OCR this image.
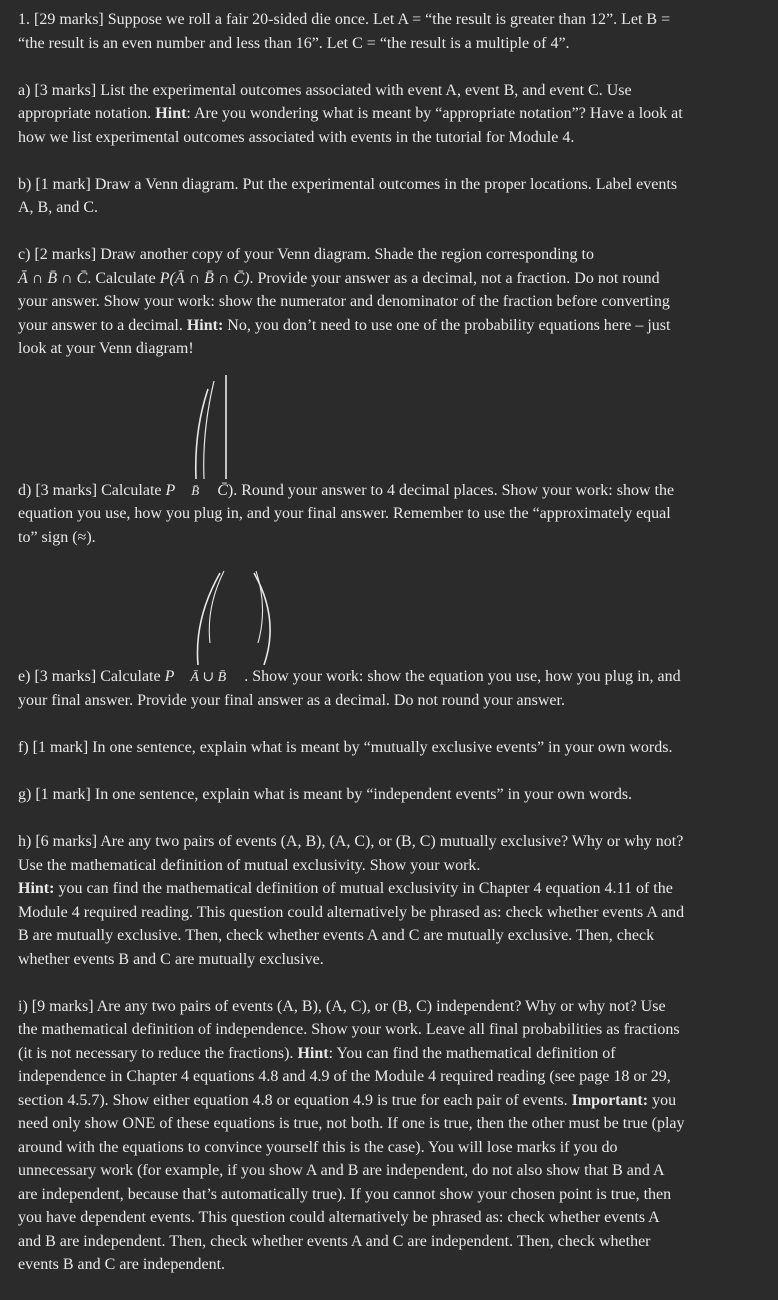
1. [29 marks] Suppose we roll a fair 20-sided die once. Let A = “the result is greater than 12”. Let B =

“the result is an even number and less than 16”. Let C = “the result is a multiple of 4”.

a) [3 marks] List the experimental outcomes associated with event A, event B, and event C. Use

appropriate notation. Hint: Are you wondering what is meant by “appropriate notation”? Have a look at

how we list experimental outcomes associated with events in the tutorial for Module 4.

b) [1 mark] Draw a Venn diagram. Put the experimental outcomes in the proper locations. Label events

A, B, and C.

c) [2 marks] Draw another copy of your Venn diagram. Shade the region corresponding to

Ā ∩ B̄ ∩ C̄. Calculate P(Ā ∩ B̄ ∩ C̄). Provide your answer as a decimal, not a fraction. Do not round

your answer. Show your work: show the numerator and denominator of the fraction before converting

your answer to a decimal. Hint: No, you don’t need to use one of the probability equations here – just

look at your Venn diagram!

d) [3 marks] Calculate P B̄ C̄). Round your answer to 4 decimal places. Show your work: show the

equation you use, how you plug in, and your final answer. Remember to use the “approximately equal

to” sign (≈).

e) [3 marks] Calculate P Ā ∪ B̄ . Show your work: show the equation you use, how you plug in, and

your final answer. Provide your final answer as a decimal. Do not round your answer.

f) [1 mark] In one sentence, explain what is meant by “mutually exclusive events” in your own words.

g) [1 mark] In one sentence, explain what is meant by “independent events” in your own words.

h) [6 marks] Are any two pairs of events (A, B), (A, C), or (B, C) mutually exclusive? Why or why not?

Use the mathematical definition of mutual exclusivity. Show your work.

Hint: you can find the mathematical definition of mutual exclusivity in Chapter 4 equation 4.11 of the

Module 4 required reading. This question could alternatively be phrased as: check whether events A and

B are mutually exclusive. Then, check whether events A and C are mutually exclusive. Then, check

whether events B and C are mutually exclusive.

i) [9 marks] Are any two pairs of events (A, B), (A, C), or (B, C) independent? Why or why not? Use

the mathematical definition of independence. Show your work. Leave all final probabilities as fractions

(it is not necessary to reduce the fractions). Hint: You can find the mathematical definition of

independence in Chapter 4 equations 4.8 and 4.9 of the Module 4 required reading (see page 18 or 29,

section 4.5.7). Show either equation 4.8 or equation 4.9 is true for each pair of events. Important: you

need only show ONE of these equations is true, not both. If one is true, then the other must be true (play

around with the equations to convince yourself this is the case). You will lose marks if you do

unnecessary work (for example, if you show A and B are independent, do not also show that B and A

are independent, because that’s automatically true). If you cannot show your chosen point is true, then

you have dependent events. This question could alternatively be phrased as: check whether events A

and B are independent. Then, check whether events A and C are independent. Then, check whether

events B and C are independent.
